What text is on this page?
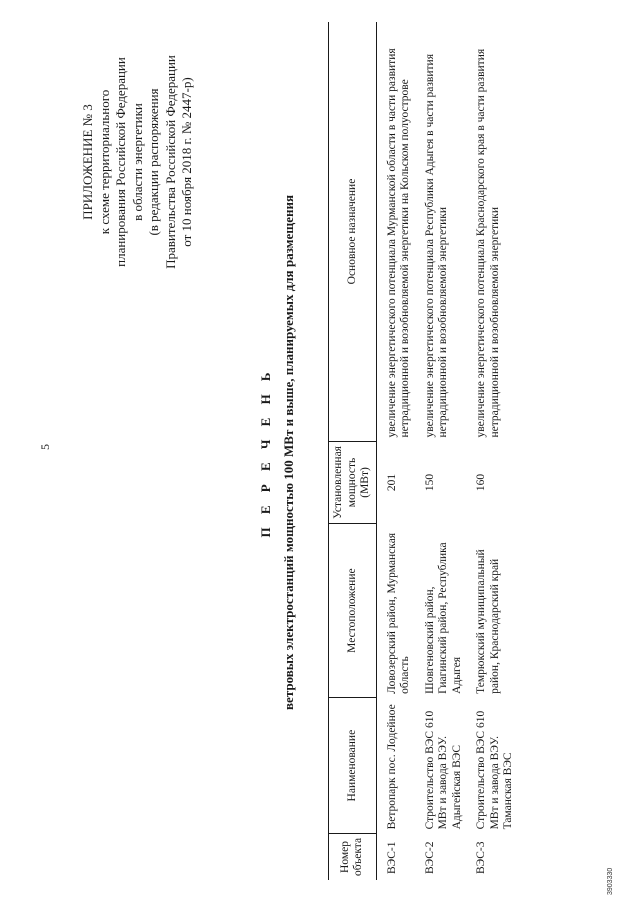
5
ПРИЛОЖЕНИЕ № 3 к схеме территориального планирования Российской Федерации в области энергетики (в редакции распоряжения Правительства Российской Федерации от 10 ноября 2018 г. № 2447-р)
П Е Р Е Ч Е Н Ь ветровых электростанций мощностью 100 МВт и выше, планируемых для размещения
Номер объекта	Наименование	Местоположение	Установленная мощность (МВт)	Основное назначение
ВЭС-1	Ветропарк пос. Лодейное	Ловозерский район, Мурманская область	201	увеличение энергетического потенциала Мурманской области в части развития нетрадиционной и возобновляемой энергетики на Кольском полуострове
ВЭС-2	Строительство ВЭС 610 МВт и завода ВЭУ. Адыгейская ВЭС	Шовгеновский район, Гиагинский район, Республика Адыгея	150	увеличение энергетического потенциала Республики Адыгея в части развития нетрадиционной и возобновляемой энергетики
ВЭС-3	Строительство ВЭС 610 МВт и завода ВЭУ. Таманская ВЭС	Темрюкский муниципальный район, Краснодарский край	160	увеличение энергетического потенциала Краснодарского края в части развития нетрадиционной и возобновляемой энергетики
3903330
